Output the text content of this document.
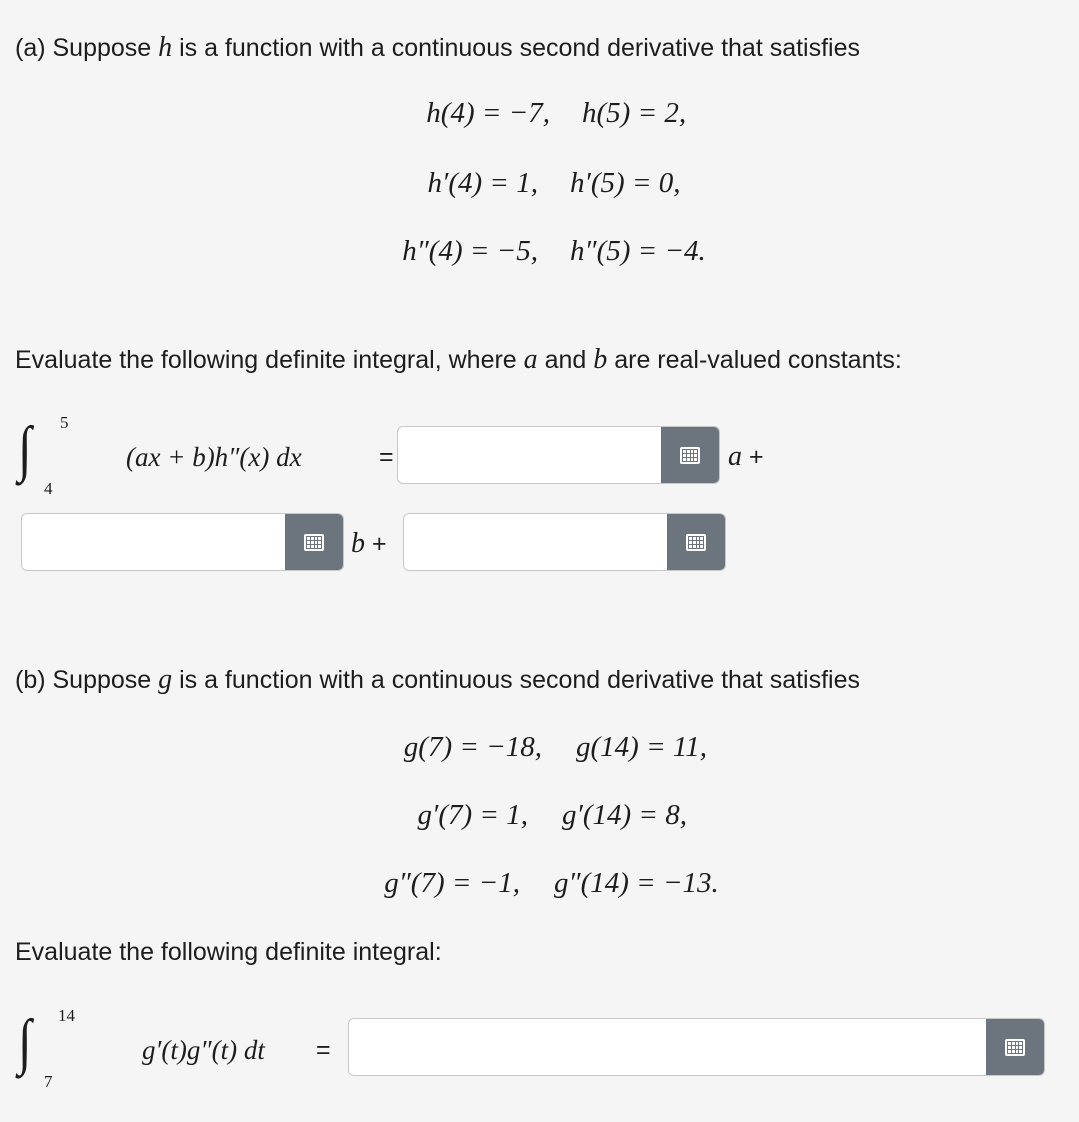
(a) Suppose h is a function with a continuous second derivative that satisfies
h(4) = −7, h(5) = 2,
h′(4) = 1, h′(5) = 0,
h″(4) = −5, h″(5) = −4.
Evaluate the following definite integral, where a and b are real-valued constants:
∫ 5
4
(ax + b)h″(x) dx	=	a +
b +
(b) Suppose g is a function with a continuous second derivative that satisfies
g(7) = −18, g(14) = 11,
g′(7) = 1, g′(14) = 8,
g″(7) = −1, g″(14) = −13.
Evaluate the following definite integral:
∫ 14
7
g′(t)g″(t) dt =
